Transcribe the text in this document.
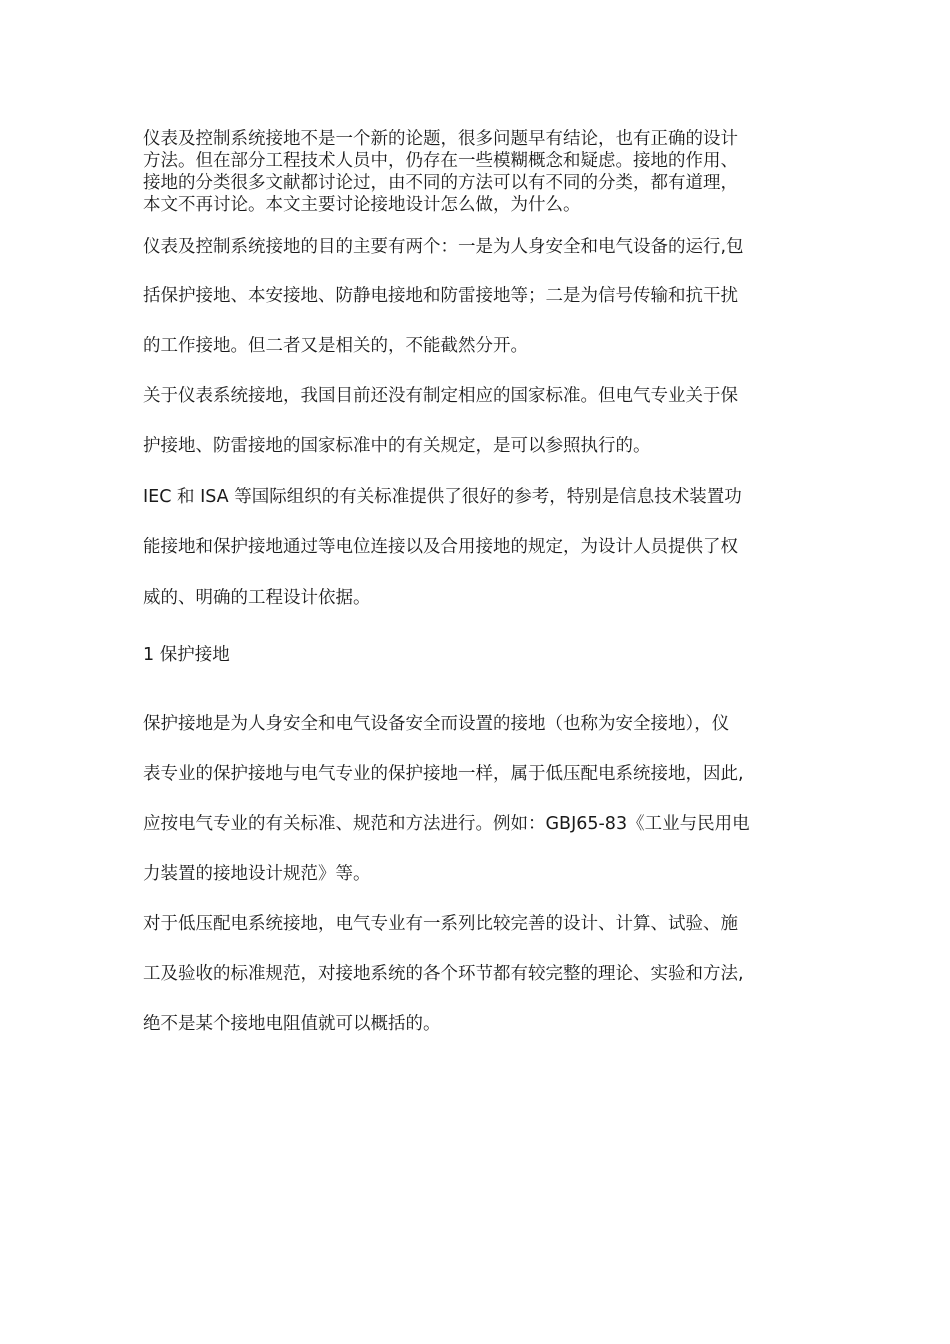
仪表及控制系统接地不是一个新的论题，很多问题早有结论，也有正确的设计
方法。但在部分工程技术人员中，仍存在一些模糊概念和疑虑。接地的作用、
接地的分类很多文献都讨论过，由不同的方法可以有不同的分类，都有道理，
本文不再讨论。本文主要讨论接地设计怎么做，为什么。
仪表及控制系统接地的目的主要有两个：一是为人身安全和电气设备的运行,包
括保护接地、本安接地、防静电接地和防雷接地等；二是为信号传输和抗干扰
的工作接地。但二者又是相关的，不能截然分开。
关于仪表系统接地，我国目前还没有制定相应的国家标准。但电气专业关于保
护接地、防雷接地的国家标准中的有关规定，是可以参照执行的。
IEC 和 ISA 等国际组织的有关标准提供了很好的参考，特别是信息技术装置功
能接地和保护接地通过等电位连接以及合用接地的规定，为设计人员提供了权
威的、明确的工程设计依据。
1 保护接地
保护接地是为人身安全和电气设备安全而设置的接地（也称为安全接地），仪
表专业的保护接地与电气专业的保护接地一样，属于低压配电系统接地，因此,
应按电气专业的有关标准、规范和方法进行。例如：GBJ65-83《工业与民用电
力装置的接地设计规范》等。
对于低压配电系统接地，电气专业有一系列比较完善的设计、计算、试验、施
工及验收的标准规范，对接地系统的各个环节都有较完整的理论、实验和方法,
绝不是某个接地电阻值就可以概括的。
